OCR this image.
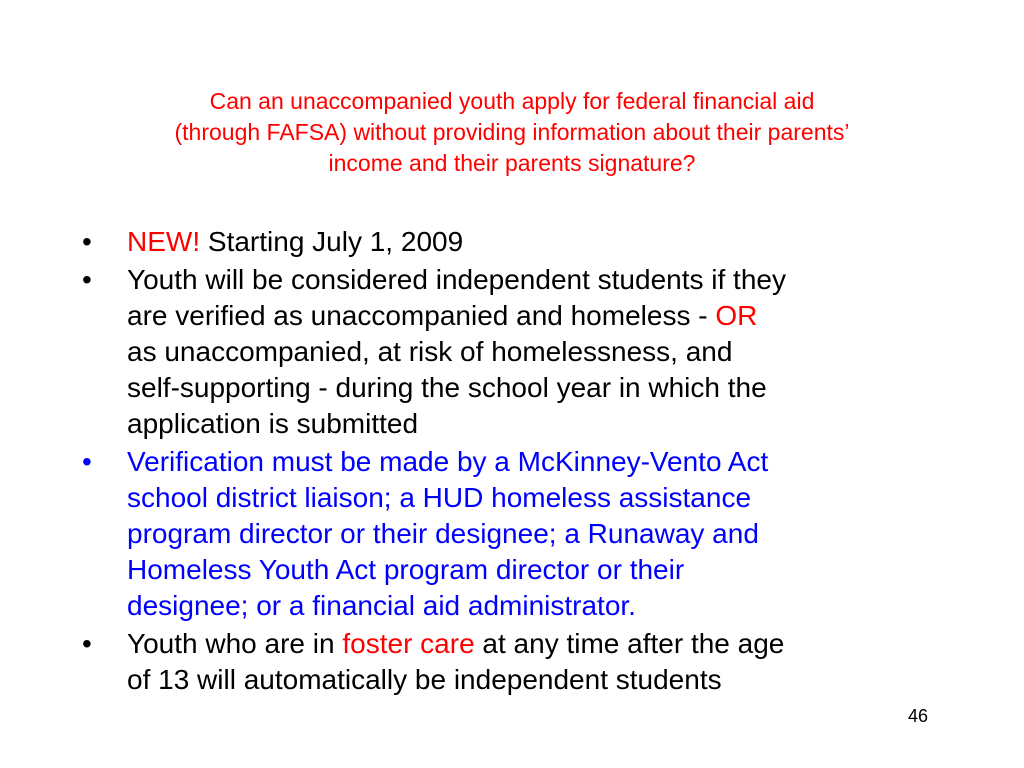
Can an unaccompanied youth apply for federal financial aid
(through FAFSA) without providing information about their parents’
income and their parents signature?
•	NEW! Starting July 1, 2009
•	Youth will be considered independent students if they
are verified as unaccompanied and homeless - OR
as unaccompanied, at risk of homelessness, and
self-supporting - during the school year in which the
application is submitted
•	Verification must be made by a McKinney-Vento Act
school district liaison; a HUD homeless assistance
program director or their designee; a Runaway and
Homeless Youth Act program director or their
designee; or a financial aid administrator.
•	Youth who are in foster care at any time after the age
of 13 will automatically be independent students
46
